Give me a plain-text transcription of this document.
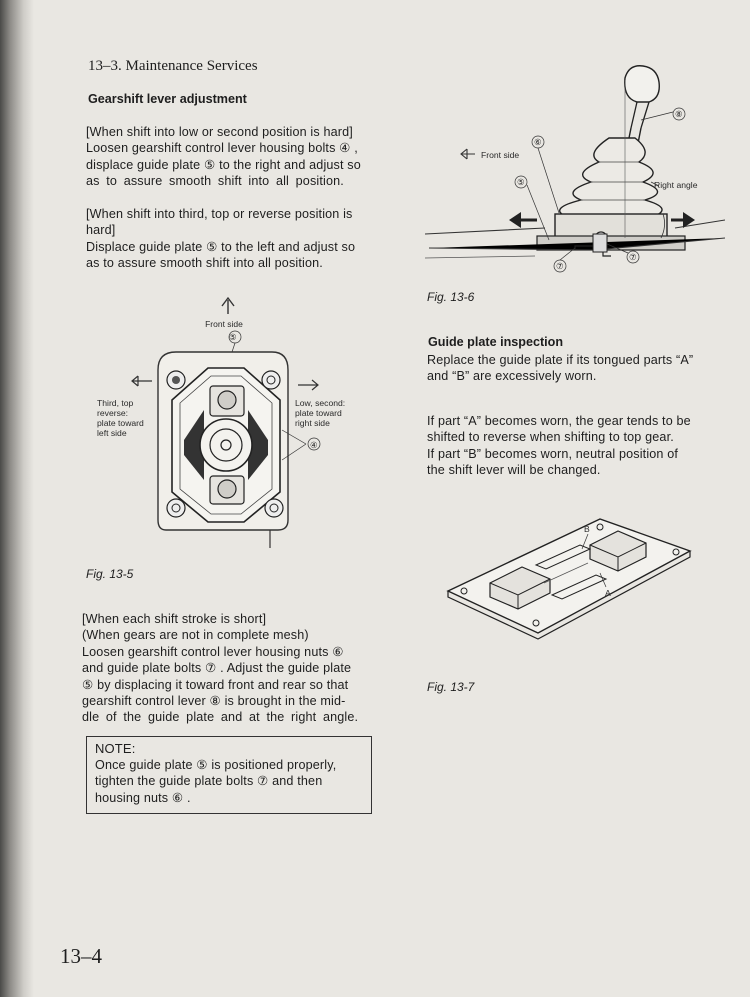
13–3. Maintenance Services
Gearshift lever adjustment
[When shift into low or second position is hard]
Loosen gearshift control lever housing bolts ④ ,
displace guide plate ⑤ to the right and adjust so
as to assure smooth shift into all position.
[When shift into third, top or reverse position is
hard]
Displace guide plate ⑤ to the left and adjust so
as to assure smooth shift into all position.
Front side
⑤
④
Third, top
reverse:
plate toward
left side
Low, second:
plate toward
right side
Fig. 13-5
[When each shift stroke is short]
(When gears are not in complete mesh)
Loosen gearshift control lever housing nuts ⑥
and guide plate bolts ⑦ . Adjust the guide plate
⑤ by displacing it toward front and rear so that
gearshift control lever ⑧ is brought in the mid-
dle of the guide plate and at the right angle.
NOTE:
Once guide plate ⑤ is positioned properly,
tighten the guide plate bolts ⑦ and then
housing nuts ⑥ .
Front side
Right angle
⑥
⑤
⑦
⑦
⑧
Fig. 13-6
Guide plate inspection
Replace the guide plate if its tongued parts “A”
and “B” are excessively worn.
If part “A” becomes worn, the gear tends to be
shifted to reverse when shifting to top gear.
If part “B” becomes worn, neutral position of
the shift lever will be changed.
B
A
Fig. 13-7
13–4
